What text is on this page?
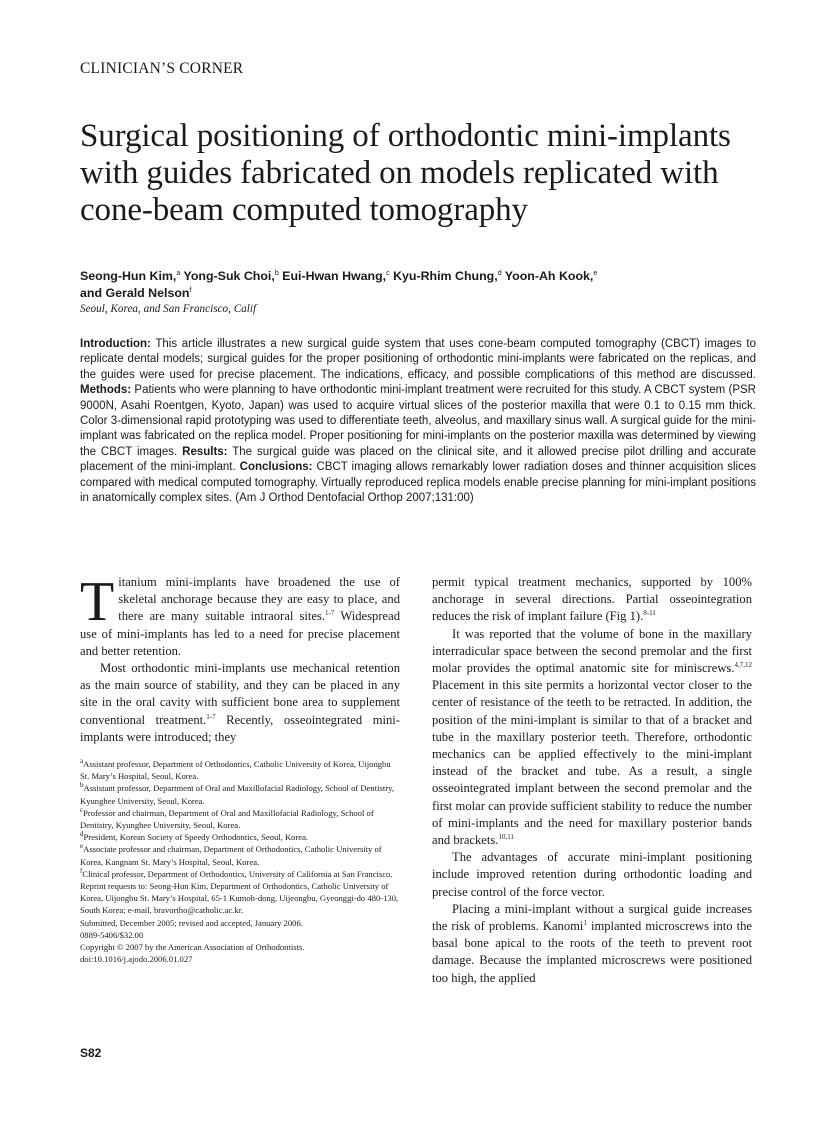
CLINICIAN’S CORNER
Surgical positioning of orthodontic mini-implants with guides fabricated on models replicated with cone-beam computed tomography
Seong-Hun Kim,$^a$ Yong-Suk Choi,$^b$ Eui-Hwan Hwang,$^c$ Kyu-Rhim Chung,$^d$ Yoon-Ah Kook,$^e$
and Gerald Nelson$^f$
Seoul, Korea, and San Francisco, Calif
Introduction: This article illustrates a new surgical guide system that uses cone-beam computed tomography (CBCT) images to replicate dental models; surgical guides for the proper positioning of orthodontic mini-implants were fabricated on the replicas, and the guides were used for precise placement. The indications, efficacy, and possible complications of this method are discussed. Methods: Patients who were planning to have orthodontic mini-implant treatment were recruited for this study. A CBCT system (PSR 9000N, Asahi Roentgen, Kyoto, Japan) was used to acquire virtual slices of the posterior maxilla that were 0.1 to 0.15 mm thick. Color 3-dimensional rapid prototyping was used to differentiate teeth, alveolus, and maxillary sinus wall. A surgical guide for the mini-implant was fabricated on the replica model. Proper positioning for mini-implants on the posterior maxilla was determined by viewing the CBCT images. Results: The surgical guide was placed on the clinical site, and it allowed precise pilot drilling and accurate placement of the mini-implant. Conclusions: CBCT imaging allows remarkably lower radiation doses and thinner acquisition slices compared with medical computed tomography. Virtually reproduced replica models enable precise planning for mini-implant positions in anatomically complex sites. (Am J Orthod Dentofacial Orthop 2007;131:00)

Titanium mini-implants have broadened the use of skeletal anchorage because they are easy to place, and there are many suitable intraoral sites.$^{1-7}$ Widespread use of mini-implants has led to a need for precise placement and better retention.

Most orthodontic mini-implants use mechanical retention as the main source of stability, and they can be placed in any site in the oral cavity with sufficient bone area to supplement conventional treatment.$^{1-7}$ Recently, osseointegrated mini-implants were introduced; they

$^a$Assistant professor, Department of Orthodontics, Catholic University of Korea, Uijongbu St. Mary’s Hospital, Seoul, Korea.

$^b$Assistant professor, Department of Oral and Maxillofacial Radiology, School of Dentistry, Kyunghee University, Seoul, Korea.

$^c$Professor and chairman, Department of Oral and Maxillofacial Radiology, School of Dentistry, Kyunghee University, Seoul, Korea.

$^d$President, Korean Society of Speedy Orthodontics, Seoul, Korea.

$^e$Associate professor and chairman, Department of Orthodontics, Catholic University of Korea, Kangnam St. Mary’s Hospital, Seoul, Korea.

$^f$Clinical professor, Department of Orthodontics, University of California at San Francisco.

Reprint requests to: Seong-Hun Kim, Department of Orthodontics, Catholic University of Korea, Uijongbu St. Mary’s Hospital, 65-1 Kumoh-dong, Uijeongbu, Gyeonggi-do 480-130, South Korea; e-mail, bravortho@catholic.ac.kr.

Submitted, December 2005; revised and accepted, January 2006.

0889-5406/$32.00

Copyright © 2007 by the American Association of Orthodontists.

doi:10.1016/j.ajodo.2006.01.027

permit typical treatment mechanics, supported by 100% anchorage in several directions. Partial osseointegration reduces the risk of implant failure (Fig 1).$^{8-11}$

It was reported that the volume of bone in the maxillary interradicular space between the second premolar and the first molar provides the optimal anatomic site for miniscrews.$^{4,7,12}$ Placement in this site permits a horizontal vector closer to the center of resistance of the teeth to be retracted. In addition, the position of the mini-implant is similar to that of a bracket and tube in the maxillary posterior teeth. Therefore, orthodontic mechanics can be applied effectively to the mini-implant instead of the bracket and tube. As a result, a single osseointegrated implant between the second premolar and the first molar can provide sufficient stability to reduce the number of mini-implants and the need for maxillary posterior bands and brackets.$^{10,11}$

The advantages of accurate mini-implant positioning include improved retention during orthodontic loading and precise control of the force vector.

Placing a mini-implant without a surgical guide increases the risk of problems. Kanomi$^1$ implanted microscrews into the basal bone apical to the roots of the teeth to prevent root damage. Because the implanted microscrews were positioned too high, the applied

S82
